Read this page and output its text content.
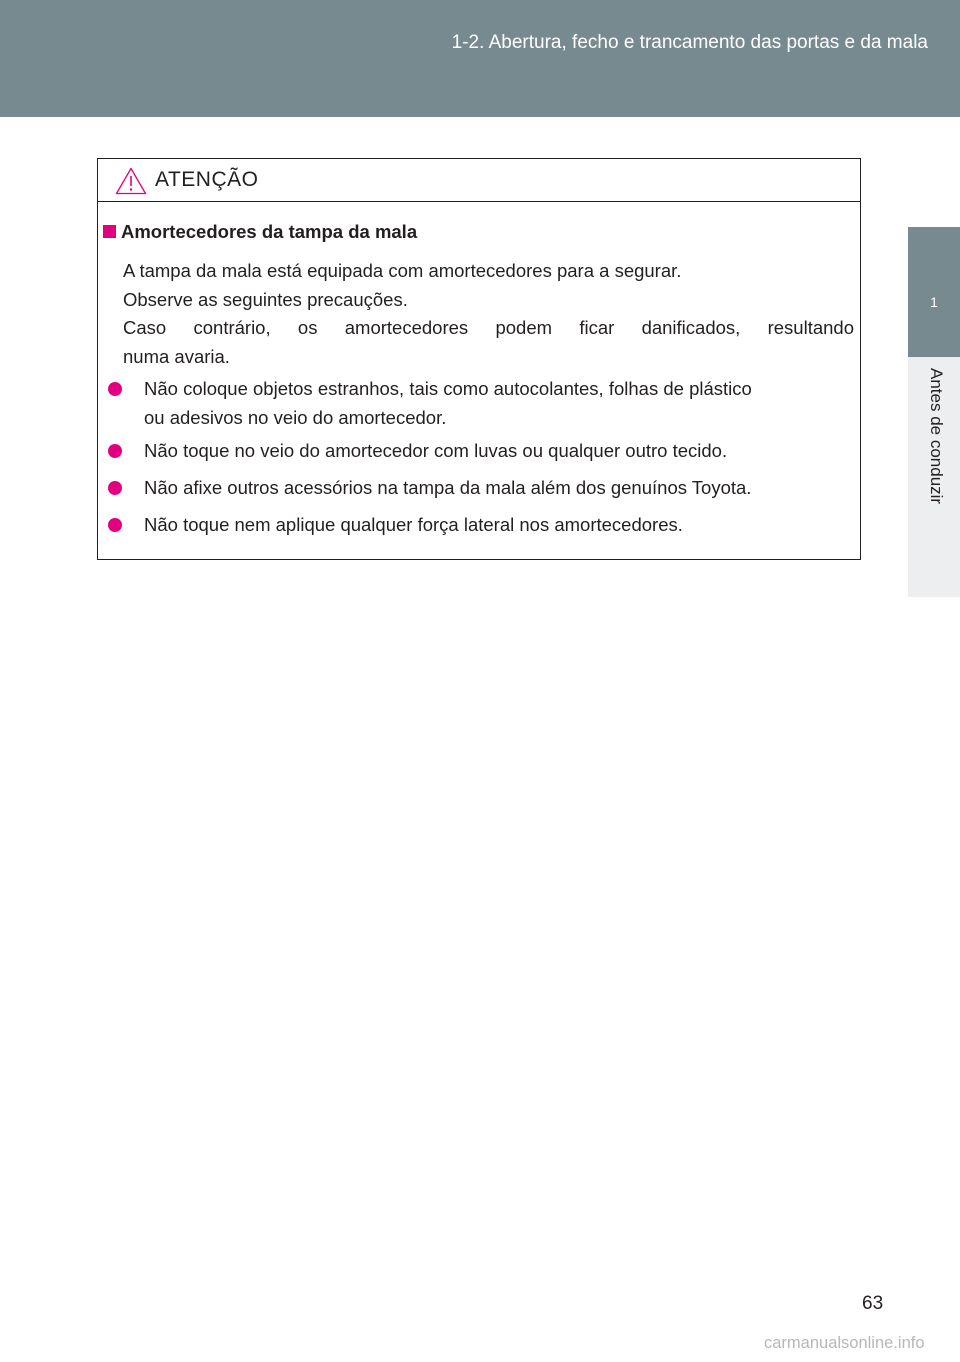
1-2. Abertura, fecho e trancamento das portas e da mala
1
Antes de conduzir
ATENÇÃO
Amortecedores da tampa da mala
A tampa da mala está equipada com amortecedores para a segurar.
Observe as seguintes precauções.
Caso contrário, os amortecedores podem ficar danificados, resultando
numa avaria.
Não coloque objetos estranhos, tais como autocolantes, folhas de plástico
ou adesivos no veio do amortecedor.
Não toque no veio do amortecedor com luvas ou qualquer outro tecido.
Não afixe outros acessórios na tampa da mala além dos genuínos Toyota.
Não toque nem aplique qualquer força lateral nos amortecedores.
63
carmanualsonline.info
